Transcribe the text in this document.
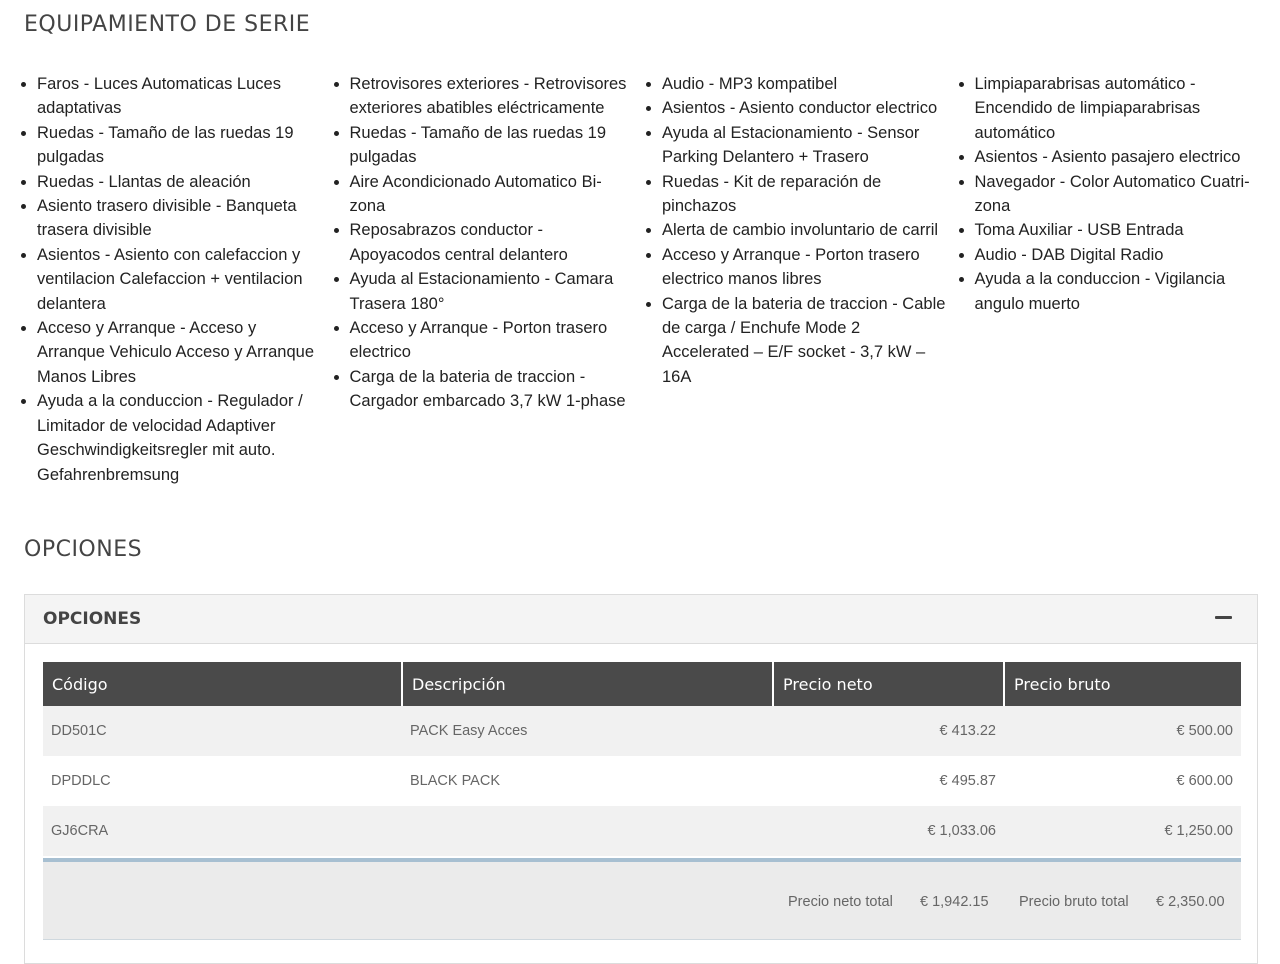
EQUIPAMIENTO DE SERIE
• Faros - Luces Automaticas Luces adaptativas
• Ruedas - Tamaño de las ruedas 19 pulgadas
• Ruedas - Llantas de aleación
• Asiento trasero divisible - Banqueta trasera divisible
• Asientos - Asiento con calefaccion y ventilacion Calefaccion + ventilacion delantera
• Acceso y Arranque - Acceso y Arranque Vehiculo Acceso y Arranque Manos Libres
• Ayuda a la conduccion - Regulador / Limitador de velocidad Adaptiver Geschwindigkeitsregler mit auto. Gefahrenbremsung
• Retrovisores exteriores - Retrovisores exteriores abatibles eléctricamente
• Ruedas - Tamaño de las ruedas 19 pulgadas
• Aire Acondicionado Automatico Bi-zona
• Reposabrazos conductor - Apoyacodos central delantero
• Ayuda al Estacionamiento - Camara Trasera 180°
• Acceso y Arranque - Porton trasero electrico
• Carga de la bateria de traccion - Cargador embarcado 3,7 kW 1-phase
• Audio - MP3 kompatibel
• Asientos - Asiento conductor electrico
• Ayuda al Estacionamiento - Sensor Parking Delantero + Trasero
• Ruedas - Kit de reparación de pinchazos
• Alerta de cambio involuntario de carril
• Acceso y Arranque - Porton trasero electrico manos libres
• Carga de la bateria de traccion - Cable de carga / Enchufe Mode 2 Accelerated – E/F socket - 3,7 kW – 16A
• Limpiaparabrisas automático - Encendido de limpiaparabrisas automático
• Asientos - Asiento pasajero electrico
• Navegador - Color Automatico Cuatri-zona
• Toma Auxiliar - USB Entrada
• Audio - DAB Digital Radio
• Ayuda a la conduccion - Vigilancia angulo muerto
OPCIONES
OPCIONES
Código	Descripción	Precio neto	Precio bruto
DD501C	PACK Easy Acces	€ 413.22	€ 500.00
DPDDLC	BLACK PACK	€ 495.87	€ 600.00
GJ6CRA		€ 1,033.06	€ 1,250.00
Precio neto total € 1,942.15 Precio bruto total € 2,350.00
